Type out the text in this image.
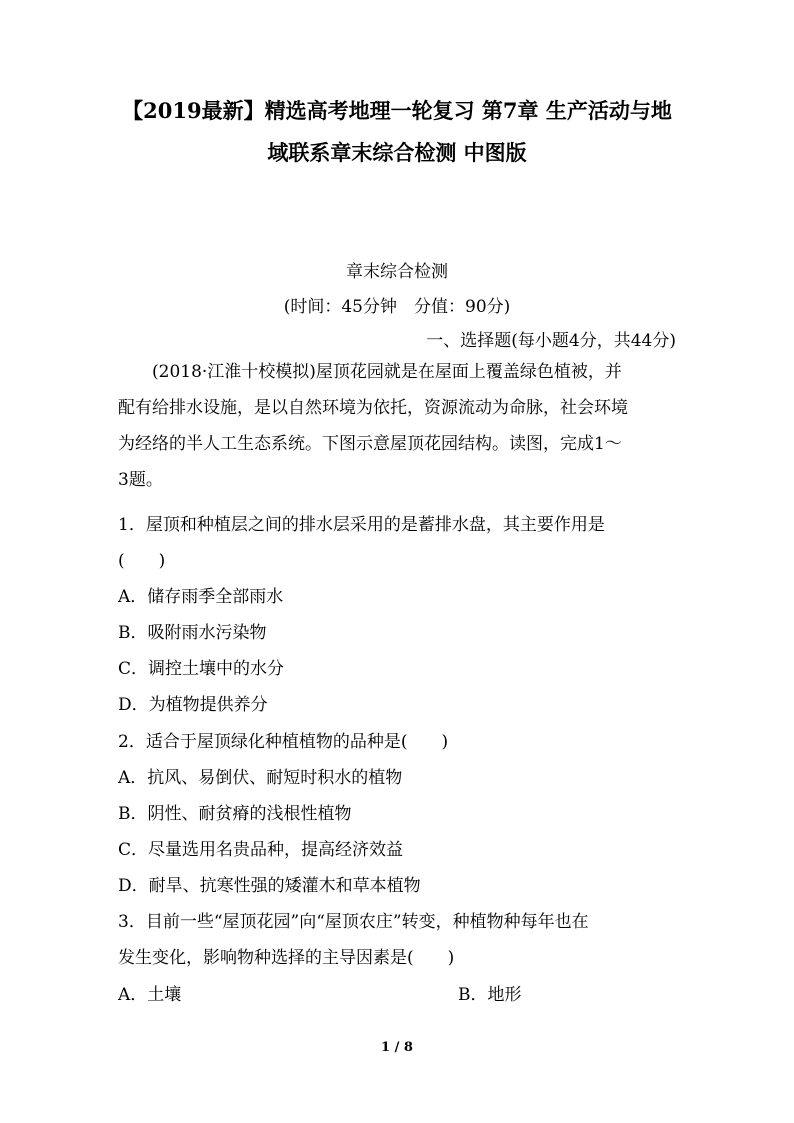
【2019最新】精选高考地理一轮复习 第7章 生产活动与地
域联系章末综合检测 中图版
章末综合检测
(时间：45分钟　分值：90分)
一、选择题(每小题4分，共44分)
(2018·江淮十校模拟)屋顶花园就是在屋面上覆盖绿色植被，并
配有给排水设施，是以自然环境为依托，资源流动为命脉，社会环境
为经络的半人工生态系统。下图示意屋顶花园结构。读图，完成1～
3题。
1．屋顶和种植层之间的排水层采用的是蓄排水盘，其主要作用是
(　　)
A．储存雨季全部雨水
B．吸附雨水污染物
C．调控土壤中的水分
D．为植物提供养分
2．适合于屋顶绿化种植植物的品种是(　　)
A．抗风、易倒伏、耐短时积水的植物
B．阴性、耐贫瘠的浅根性植物
C．尽量选用名贵品种，提高经济效益
D．耐旱、抗寒性强的矮灌木和草本植物
3．目前一些“屋顶花园”向“屋顶农庄”转变，种植物种每年也在
发生变化，影响物种选择的主导因素是(　　)
A．土壤	B．地形
1 / 8
